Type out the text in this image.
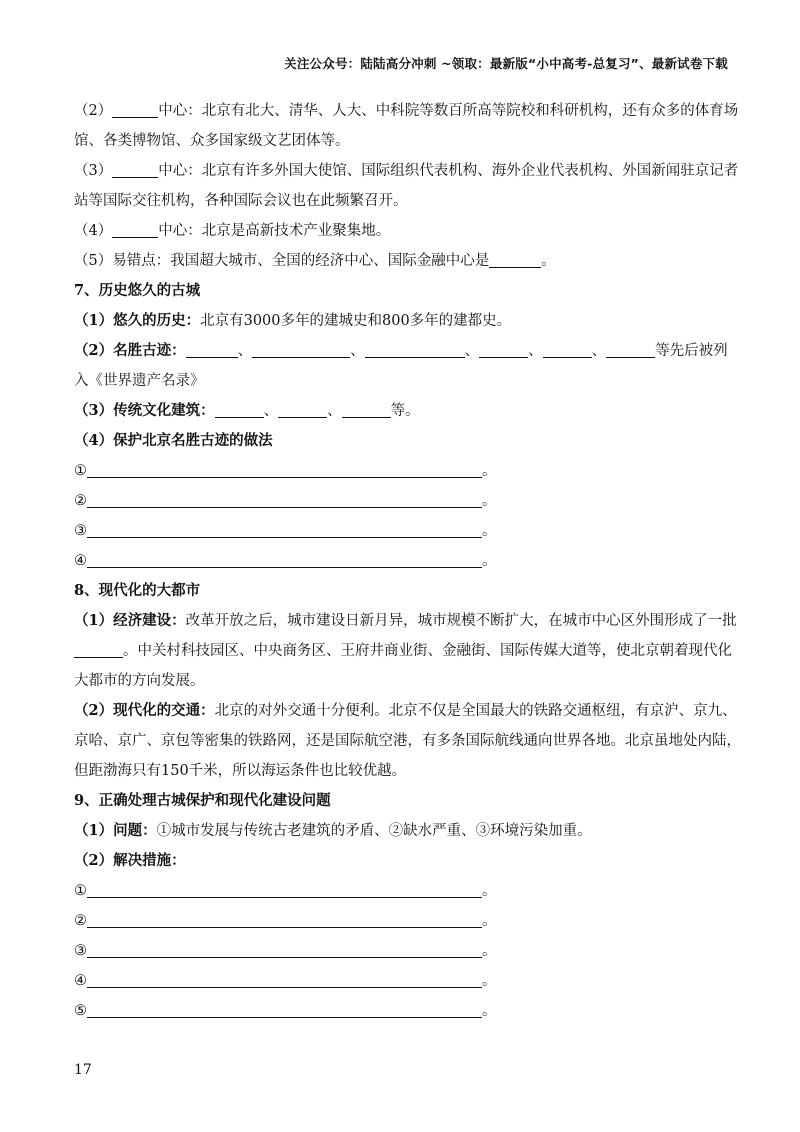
关注公众号：陆陆高分冲刺 ~领取：最新版“小中高考-总复习”、最新试卷下载
（2）	中心：北京有北大、清华、人大、中科院等数百所高等院校和科研机构，还有众多的体育场
馆、各类博物馆、众多国家级文艺团体等。
（3）	中心：北京有许多外国大使馆、国际组织代表机构、海外企业代表机构、外国新闻驻京记者
站等国际交往机构，各种国际会议也在此频繁召开。
（4）	中心：北京是高新技术产业聚集地。
（5）易错点：我国超大城市、全国的经济中心、国际金融中心是	。
7、历史悠久的古城
（1）悠久的历史：北京有3000多年的建城史和800多年的建都史。
（2）名胜古迹：	、	、	、	、	、	等先后被列
入《世界遗产名录》
（3）传统文化建筑：	、	、	等。
（4）保护北京名胜古迹的做法
①	。
②	。
③	。
④	。
8、现代化的大都市
（1）经济建设：改革开放之后，城市建设日新月异，城市规模不断扩大，在城市中心区外围形成了一批
。中关村科技园区、中央商务区、王府井商业街、金融街、国际传媒大道等，使北京朝着现代化
大都市的方向发展。
（2）现代化的交通：北京的对外交通十分便利。北京不仅是全国最大的铁路交通枢纽，有京沪、京九、
京哈、京广、京包等密集的铁路网，还是国际航空港，有多条国际航线通向世界各地。北京虽地处内陆，
但距渤海只有150千米，所以海运条件也比较优越。
9、正确处理古城保护和现代化建设问题
（1）问题：①城市发展与传统古老建筑的矛盾、②缺水严重、③环境污染加重。
（2）解决措施：
①	。
②	。
③	。
④	。
⑤	。
17
